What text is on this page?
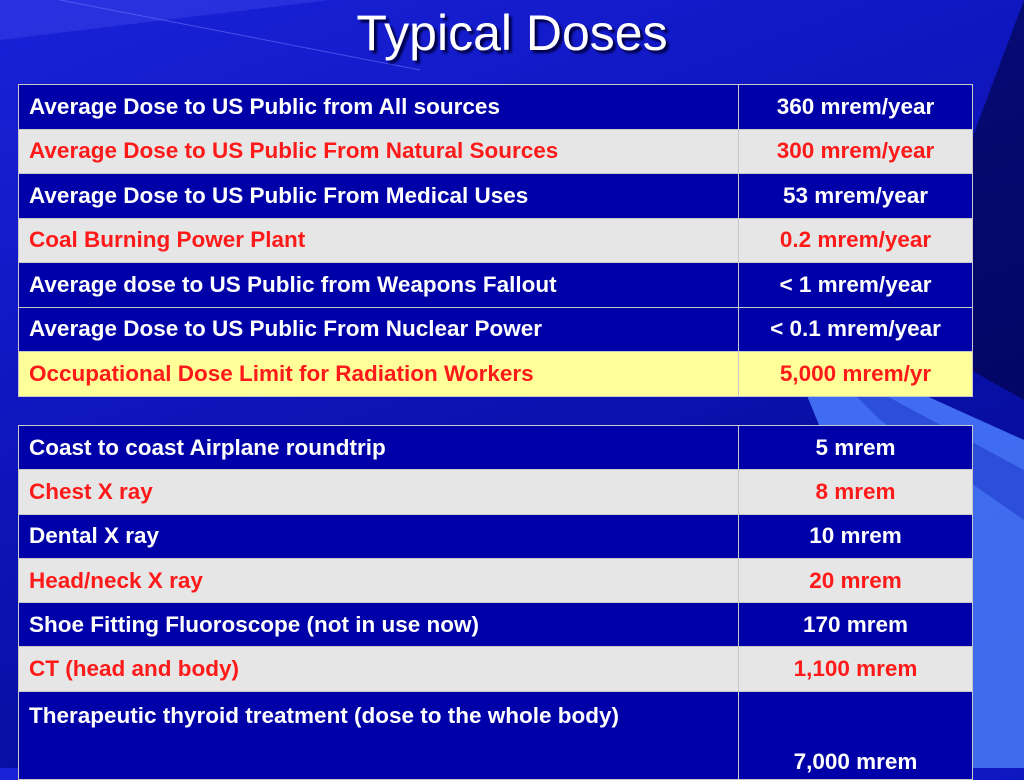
Typical Doses
Average Dose to US Public from All sources	360 mrem/year
Average Dose to US Public From Natural Sources	300 mrem/year
Average Dose to US Public From Medical Uses	53 mrem/year
Coal Burning Power Plant	0.2 mrem/year
Average dose to US Public from Weapons Fallout	< 1 mrem/year
Average Dose to US Public From Nuclear Power	< 0.1 mrem/year
Occupational Dose Limit for Radiation Workers	5,000 mrem/yr
Coast to coast Airplane roundtrip	5 mrem
Chest X ray	8 mrem
Dental X ray	10 mrem
Head/neck X ray	20 mrem
Shoe Fitting Fluoroscope (not in use now)	170 mrem
CT (head and body)	1,100 mrem

Therapeutic thyroid treatment (dose to the whole body)	7,000 mrem
